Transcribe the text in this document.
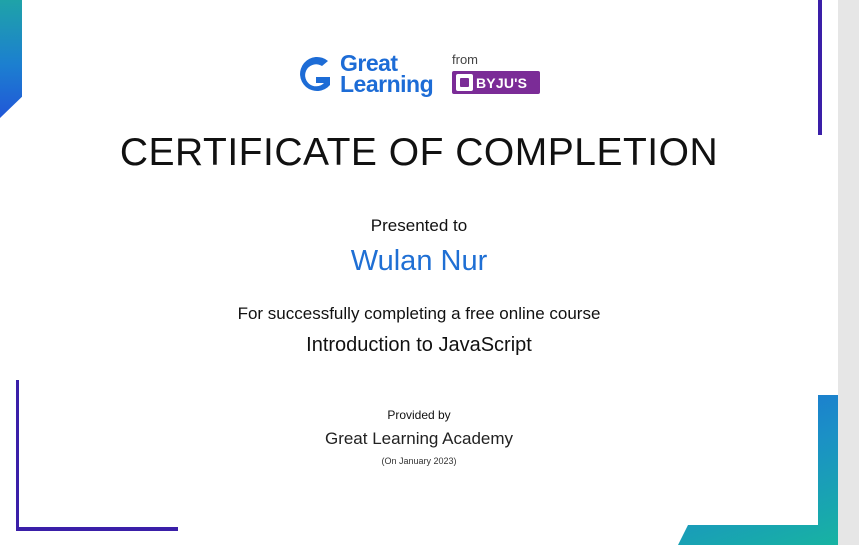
Great
Learning
from
BYJU'S
CERTIFICATE OF COMPLETION
Presented to
Wulan Nur
For successfully completing a free online course
Introduction to JavaScript
Provided by
Great Learning Academy
(On January 2023)
